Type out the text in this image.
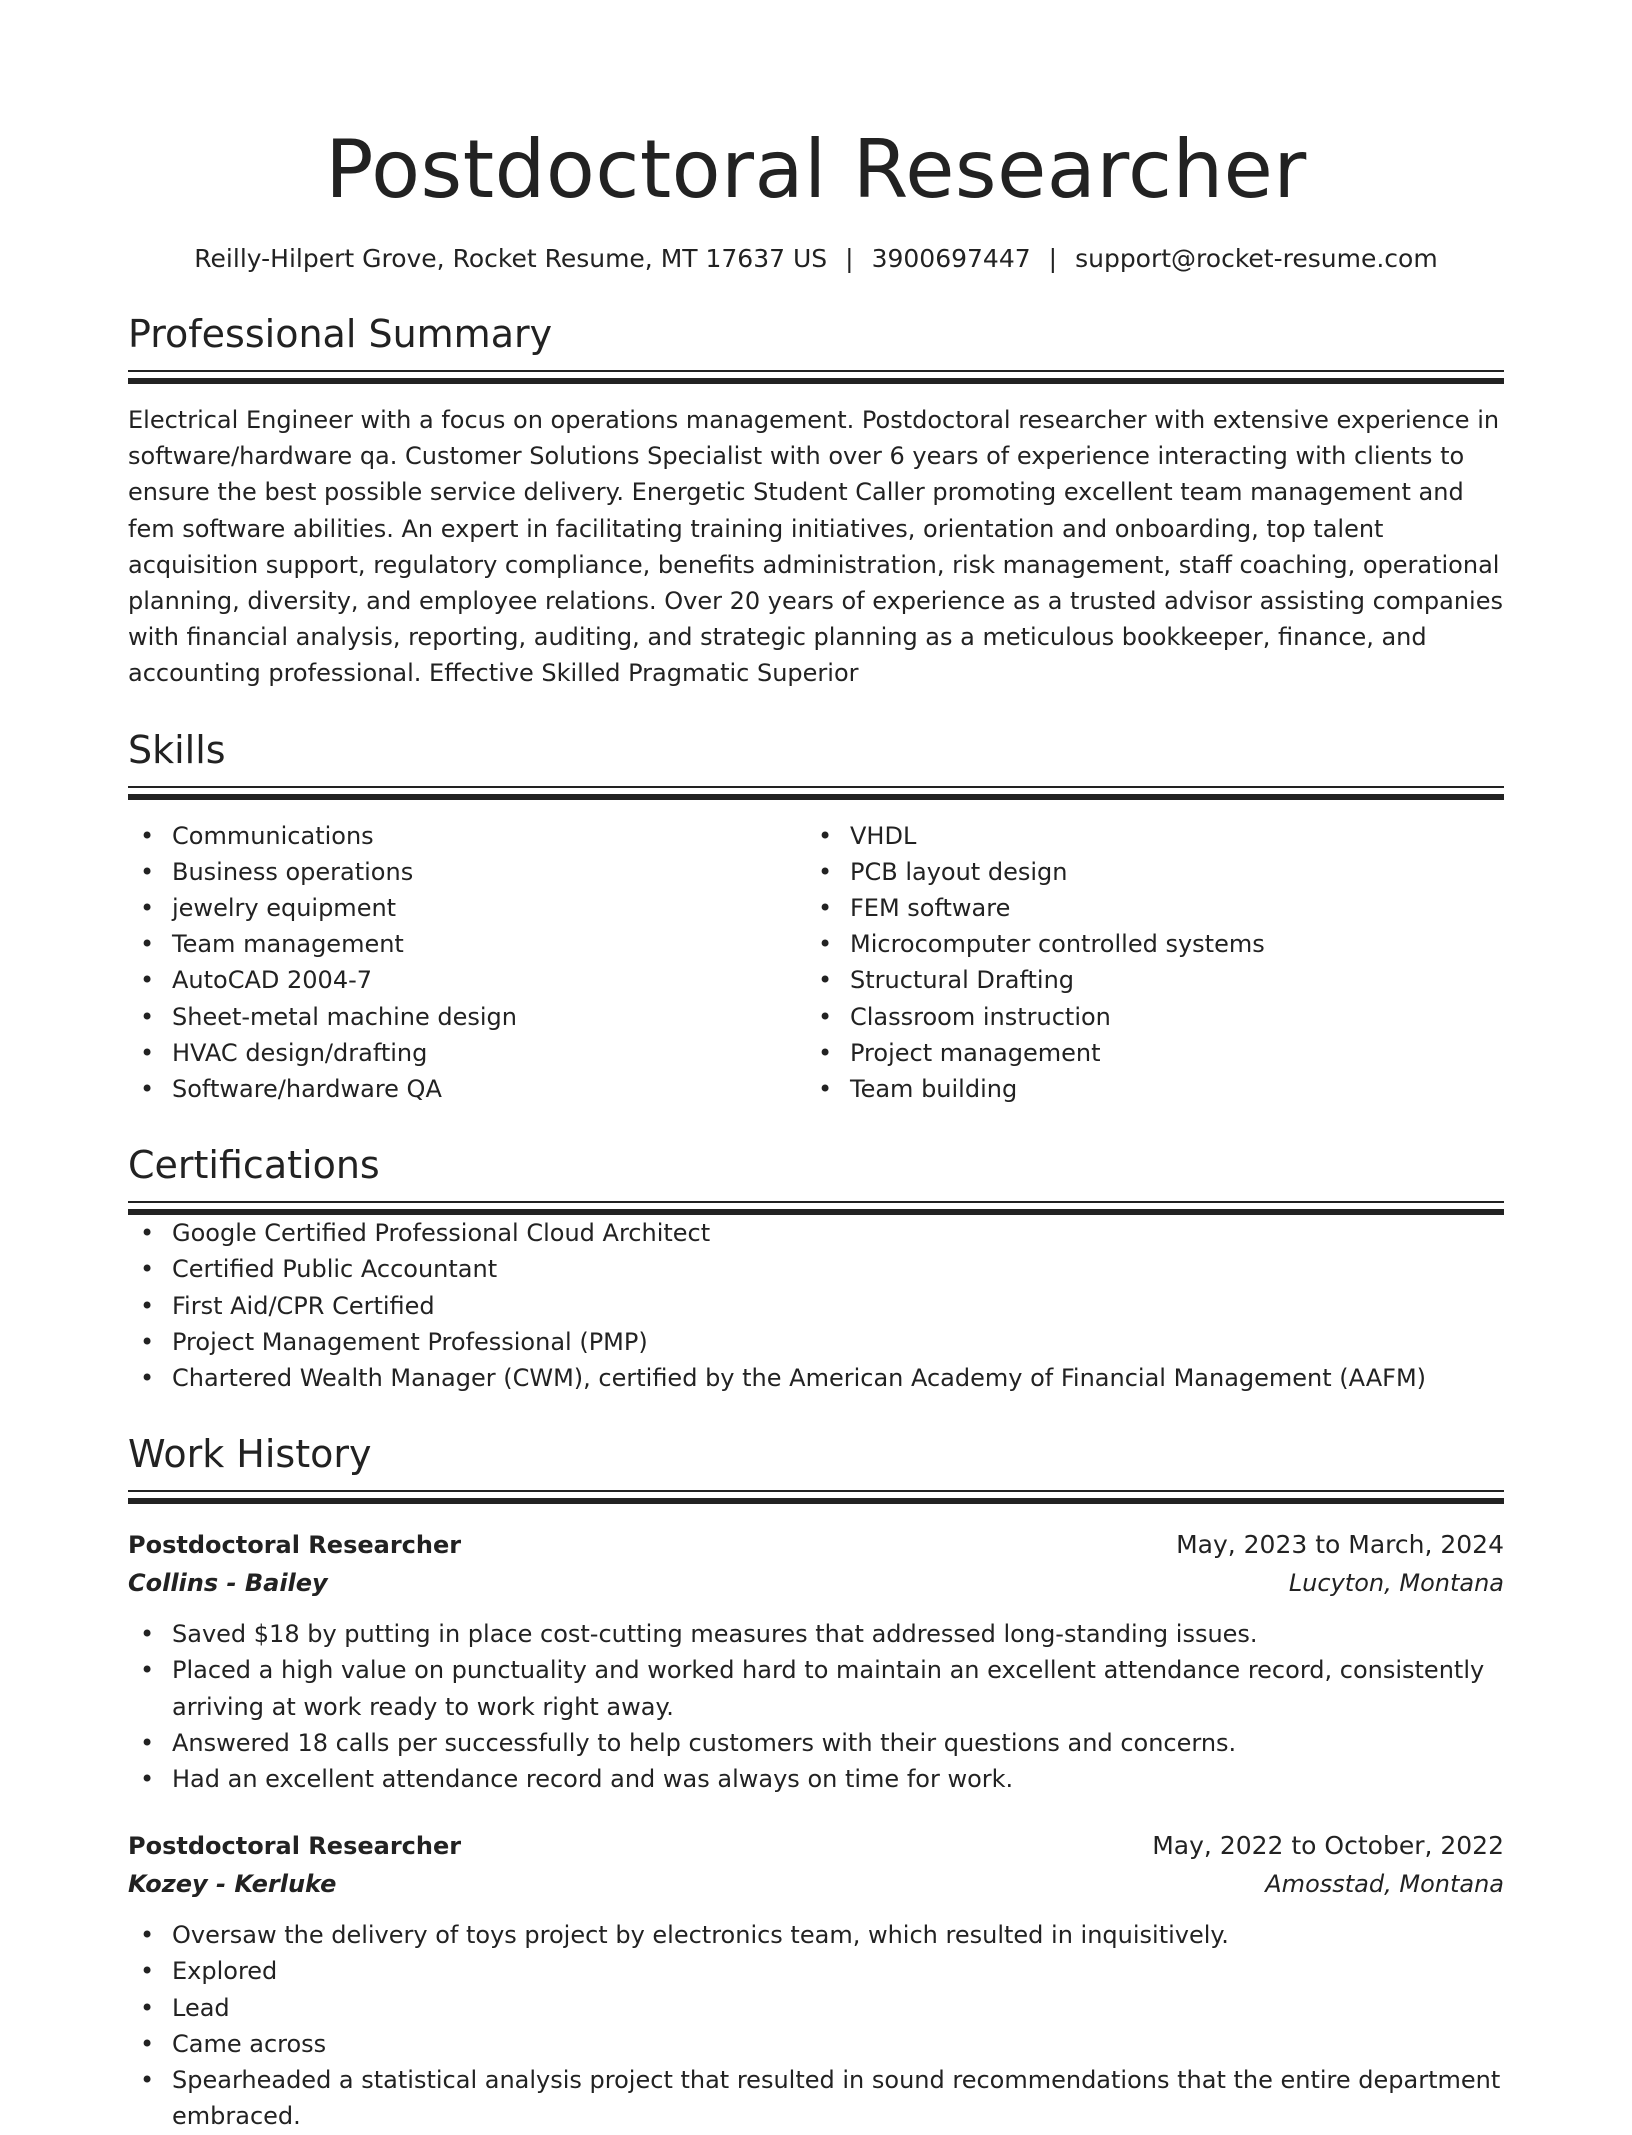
Postdoctoral Researcher
Reilly-Hilpert Grove, Rocket Resume, MT 17637 US | 3900697447 | support@rocket-resume.com
Professional Summary
Electrical Engineer with a focus on operations management. Postdoctoral researcher with extensive experience in software/hardware qa. Customer Solutions Specialist with over 6 years of experience interacting with clients to ensure the best possible service delivery. Energetic Student Caller promoting excellent team management and fem software abilities. An expert in facilitating training initiatives, orientation and onboarding, top talent acquisition support, regulatory compliance, benefits administration, risk management, staff coaching, operational planning, diversity, and employee relations. Over 20 years of experience as a trusted advisor assisting companies with financial analysis, reporting, auditing, and strategic planning as a meticulous bookkeeper, finance, and accounting professional. Effective Skilled Pragmatic Superior
Skills
• Communications
• Business operations
• jewelry equipment
• Team management
• AutoCAD 2004-7
• Sheet-metal machine design
• HVAC design/drafting
• Software/hardware QA
• VHDL
• PCB layout design
• FEM software
• Microcomputer controlled systems
• Structural Drafting
• Classroom instruction
• Project management
• Team building
Certifications
• Google Certified Professional Cloud Architect
• Certified Public Accountant
• First Aid/CPR Certified
• Project Management Professional (PMP)
• Chartered Wealth Manager (CWM), certified by the American Academy of Financial Management (AAFM)
Work History
Postdoctoral Researcher	May, 2023 to March, 2024
Collins - Bailey	Lucyton, Montana
• Saved $18 by putting in place cost-cutting measures that addressed long-standing issues.
• Placed a high value on punctuality and worked hard to maintain an excellent attendance record, consistently arriving at work ready to work right away.
• Answered 18 calls per successfully to help customers with their questions and concerns.
• Had an excellent attendance record and was always on time for work.
Postdoctoral Researcher	May, 2022 to October, 2022
Kozey - Kerluke	Amosstad, Montana
• Oversaw the delivery of toys project by electronics team, which resulted in inquisitively.
• Explored
• Lead
• Came across
• Spearheaded a statistical analysis project that resulted in sound recommendations that the entire department embraced.
